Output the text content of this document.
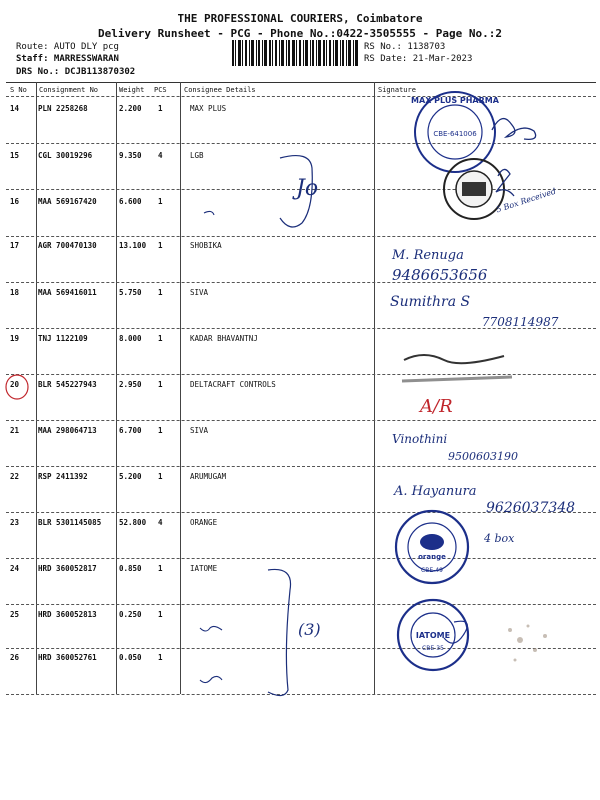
THE PROFESSIONAL COURIERS, Coimbatore
Delivery Runsheet - PCG - Phone No.:0422-3505555 - Page No.:2
Route: AUTO DLY pcg
Staff: MARRESSWARAN
DRS No.: DCJB113870302
RS No.: 1138703
RS Date: 21-Mar-2023
S No Consignment No	Weight PCS Consignee Details	Signature
14	PLN 2258268	2.200 1	MAX PLUS
15	CGL 30019296	9.350 4	LGB
16	MAA 569167420	6.600 1
17	AGR 700470130	13.100 1	SHOBIKA
18	MAA 569416011	5.750 1	SIVA
19	TNJ 1122109	8.000 1	KADAR BHAVANTNJ
20	BLR 545227943	2.950 1	DELTACRAFT CONTROLS
21	MAA 298064713	6.700 1	SIVA
22	RSP 2411392	5.200 1	ARUMUGAM
23	BLR 5301145085 52.800 4	ORANGE
24	HRD 360052817	0.850 1	IATOME
25	HRD 360052813	0.250 1
26	HRD 360052761	0.050 1
MAX PLUS PHARMA
CBE-641006
orange
CBE-49
IATOME
CBE-35
5 Box Received
Jo
M. Renuga
9486653656
Sumithra S
7708114987
A/R
Vinothini
9500603190
A. Hayanura
9626037348
4 box
(3)
